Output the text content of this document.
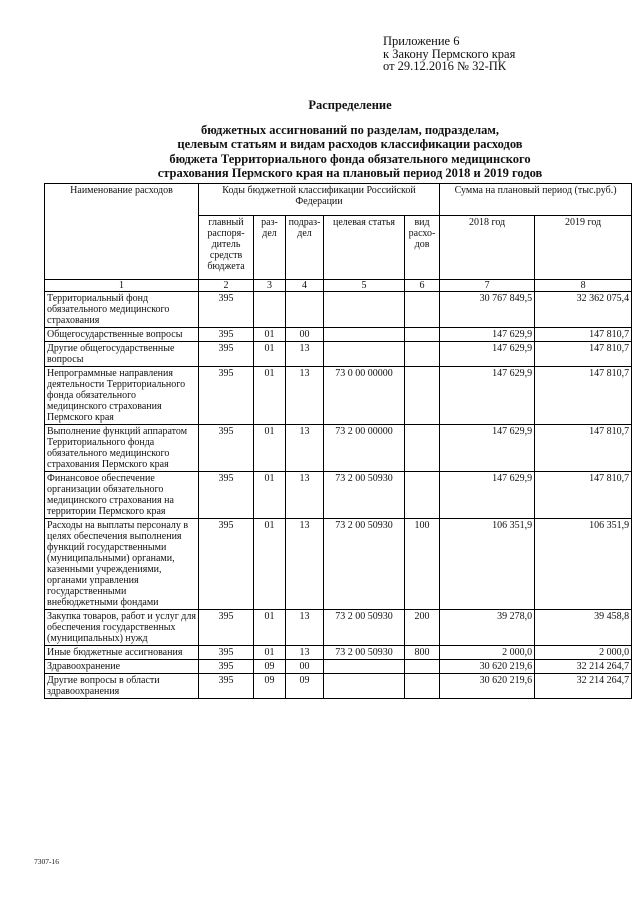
Приложение 6
к Закону Пермского края
от 29.12.2016 № 32-ПК
Распределение
бюджетных ассигнований по разделам, подразделам,
целевым статьям и видам расходов классификации расходов
бюджета Территориального фонда обязательного медицинского
страхования Пермского края на плановый период 2018 и 2019 годов
Наименование расходов	Коды бюджетной классификации Российской Федерации					Сумма на плановый период (тыс.руб.)	
	главный распоря-дитель средств бюджета	раз-дел	подраз-дел	целевая статья	вид расхо-дов	2018 год	2019 год
1	2	3	4	5	6	7	8
Территориальный фонд обязательного медицинского страхования	395					30 767 849,5	32 362 075,4
Общегосударственные вопросы	395	01	00			147 629,9	147 810,7
Другие общегосударственные вопросы	395	01	13			147 629,9	147 810,7
Непрограммные направления деятельности Территориального фонда обязательного медицинского страхования Пермского края	395	01	13	73 0 00 00000		147 629,9	147 810,7
Выполнение функций аппаратом Территориального фонда обязательного медицинского страхования Пермского края	395	01	13	73 2 00 00000		147 629,9	147 810,7
Финансовое обеспечение организации обязательного медицинского страхования на территории Пермского края	395	01	13	73 2 00 50930		147 629,9	147 810,7
Расходы на выплаты персоналу в целях обеспечения выполнения функций государственными (муниципальными) органами, казенными учреждениями, органами управления государственными внебюджетными фондами	395	01	13	73 2 00 50930	100	106 351,9	106 351,9
Закупка товаров, работ и услуг для обеспечения государственных (муниципальных) нужд	395	01	13	73 2 00 50930	200	39 278,0	39 458,8
Иные бюджетные ассигнования	395	01	13	73 2 00 50930	800	2 000,0	2 000,0
Здравоохранение	395	09	00			30 620 219,6	32 214 264,7
Другие вопросы в области здравоохранения	395	09	09			30 620 219,6	32 214 264,7
7307-16
